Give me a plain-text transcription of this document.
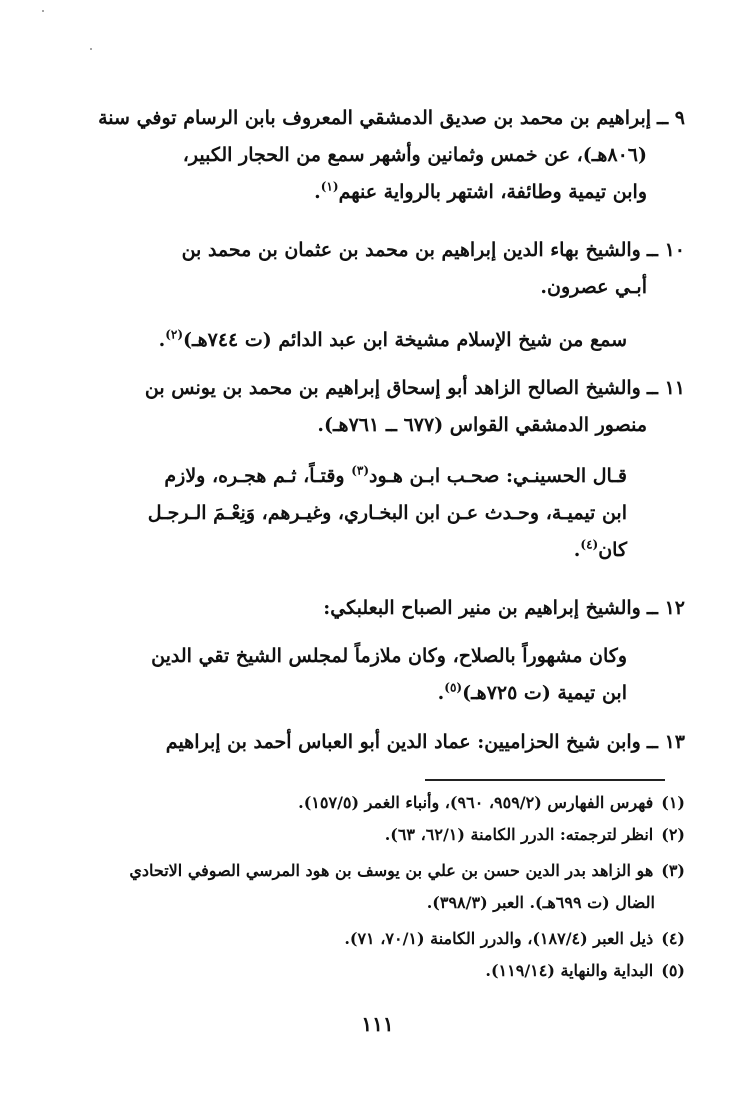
٩ ــإبراهيم بن محمد بن صديق الدمشقي المعروف بابن الرسام توفي سنة
(٨٠٦هـ)، عن خمس وثمانين وأشهر سمع من الحجار الكبير،
وابن تيمية وطائفة، اشتهر بالرواية عنهم$^{(١)}$.
١٠ ــوالشيخ بهاء الدين إبراهيم بن محمد بن عثمان بن محمد بن
أبـي عصرون.
سمع من شيخ الإسلام مشيخة ابن عبد الدائم (ت ٧٤٤هـ)$^{(٢)}$.
١١ ــوالشيخ الصالح الزاهد أبو إسحاق إبراهيم بن محمد بن يونس بن
منصور الدمشقي القواس (٦٧٧ ــ ٧٦١هـ).
قـال الحسينـي: صحـب ابـن هـود$^{(٣)}$ وقتـاً، ثـم هجـره، ولازم
ابن تيميـة، وحـدث عـن ابن البخـاري، وغيـرهم، وَنِعْـمَ الـرجـل
كان$^{(٤)}$.
١٢ ــوالشيخ إبراهيم بن منير الصباح البعلبكي:
وكان مشهوراً بالصلاح، وكان ملازماً لمجلس الشيخ تقي الدين
ابن تيمية (ت ٧٢٥هـ)$^{(٥)}$.
١٣ ــوابن شيخ الحزاميين: عماد الدين أبو العباس أحمد بن إبراهيم
(١)فهرس الفهارس (٩٥٩/٢، ٩٦٠)، وأنباء الغمر (١٥٧/٥).
(٢)انظر لترجمته: الدرر الكامنة (٦٢/١، ٦٣).
(٣)هو الزاهد بدر الدين حسن بن علي بن يوسف بن هود المرسي الصوفي الاتحادي
الضال (ت ٦٩٩هـ). العبر (٣٩٨/٣).
(٤)ذيل العبر (١٨٧/٤)، والدرر الكامنة (٧٠/١، ٧١).
(٥)البداية والنهاية (١١٩/١٤).
١١١
